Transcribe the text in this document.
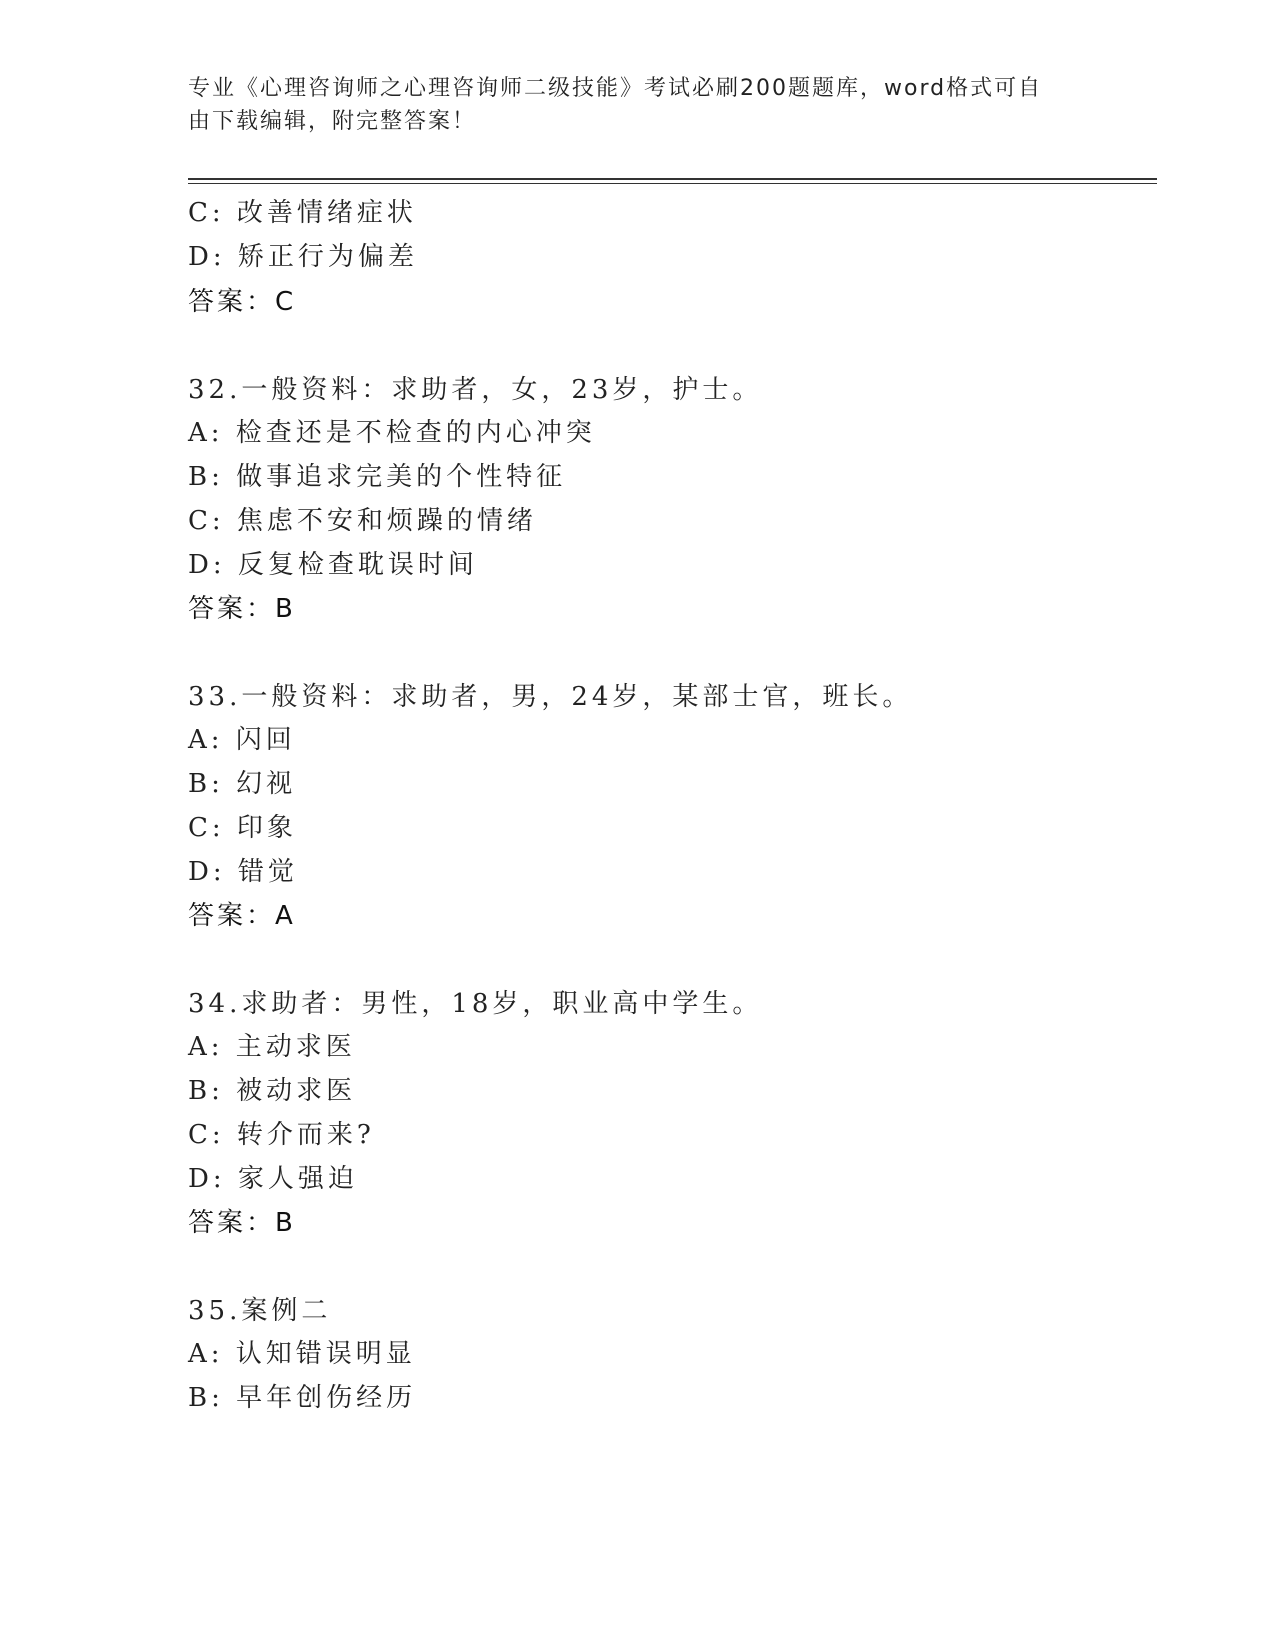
专业《心理咨询师之心理咨询师二级技能》考试必刷200题题库，word格式可自
由下载编辑，附完整答案！
C: 改善情绪症状
D: 矫正行为偏差
答案：C
32.一般资料：求助者，女，23岁，护士。
A: 检查还是不检查的内心冲突
B: 做事追求完美的个性特征
C: 焦虑不安和烦躁的情绪
D: 反复检查耽误时间
答案：B
33.一般资料：求助者，男，24岁，某部士官，班长。
A: 闪回
B: 幻视
C: 印象
D: 错觉
答案：A
34.求助者：男性，18岁，职业高中学生。
A: 主动求医
B: 被动求医
C: 转介而来?
D: 家人强迫
答案：B
35.案例二
A: 认知错误明显
B: 早年创伤经历
